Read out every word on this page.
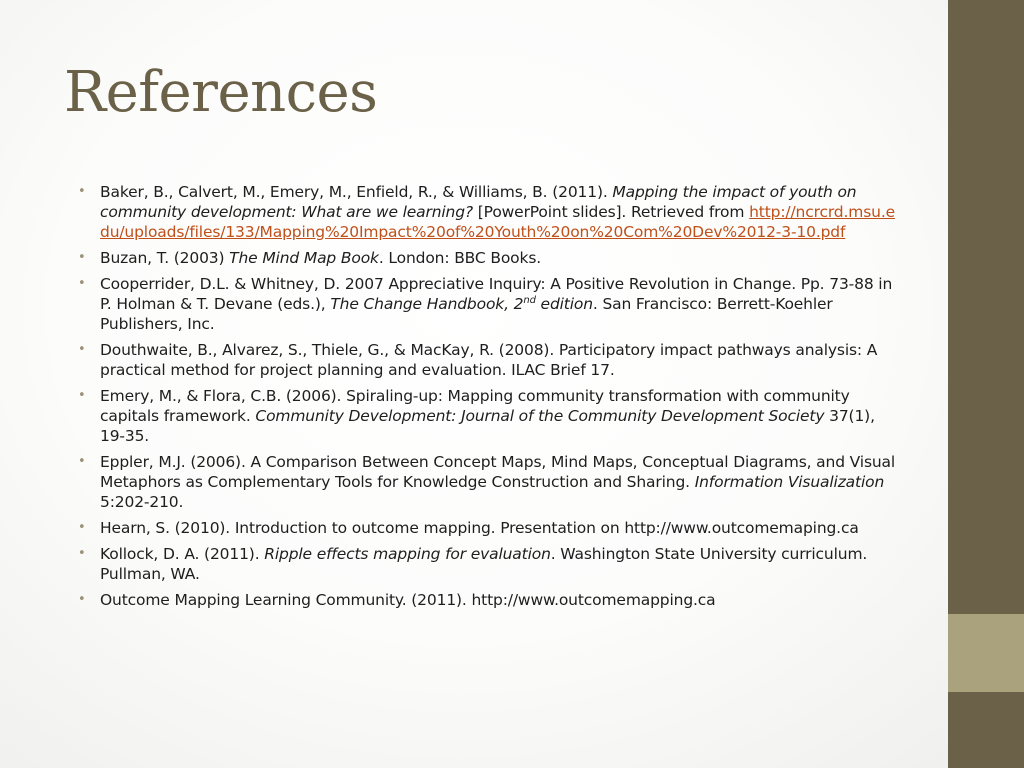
References
• Baker, B., Calvert, M., Emery, M., Enfield, R., & Williams, B. (2011). Mapping the impact of youth on community development: What are we learning? [PowerPoint slides]. Retrieved from http://ncrcrd.msu.edu/uploads/files/133/Mapping%20Impact%20of%20Youth%20on%20Com%20Dev%2012-3-10.pdf
• Buzan, T. (2003) The Mind Map Book. London: BBC Books.
• Cooperrider, D.L. & Whitney, D. 2007 Appreciative Inquiry: A Positive Revolution in Change. Pp. 73-88 in P. Holman & T. Devane (eds.), The Change Handbook, 2nd edition. San Francisco: Berrett-Koehler Publishers, Inc.
• Douthwaite, B., Alvarez, S., Thiele, G., & MacKay, R. (2008). Participatory impact pathways analysis: A practical method for project planning and evaluation. ILAC Brief 17.
• Emery, M., & Flora, C.B. (2006). Spiraling-up: Mapping community transformation with community capitals framework. Community Development: Journal of the Community Development Society 37(1), 19-35.
• Eppler, M.J. (2006). A Comparison Between Concept Maps, Mind Maps, Conceptual Diagrams, and Visual Metaphors as Complementary Tools for Knowledge Construction and Sharing. Information Visualization 5:202-210.
• Hearn, S. (2010). Introduction to outcome mapping. Presentation on http://www.outcomemaping.ca
• Kollock, D. A. (2011). Ripple effects mapping for evaluation. Washington State University curriculum. Pullman, WA.
• Outcome Mapping Learning Community. (2011). http://www.outcomemapping.ca
